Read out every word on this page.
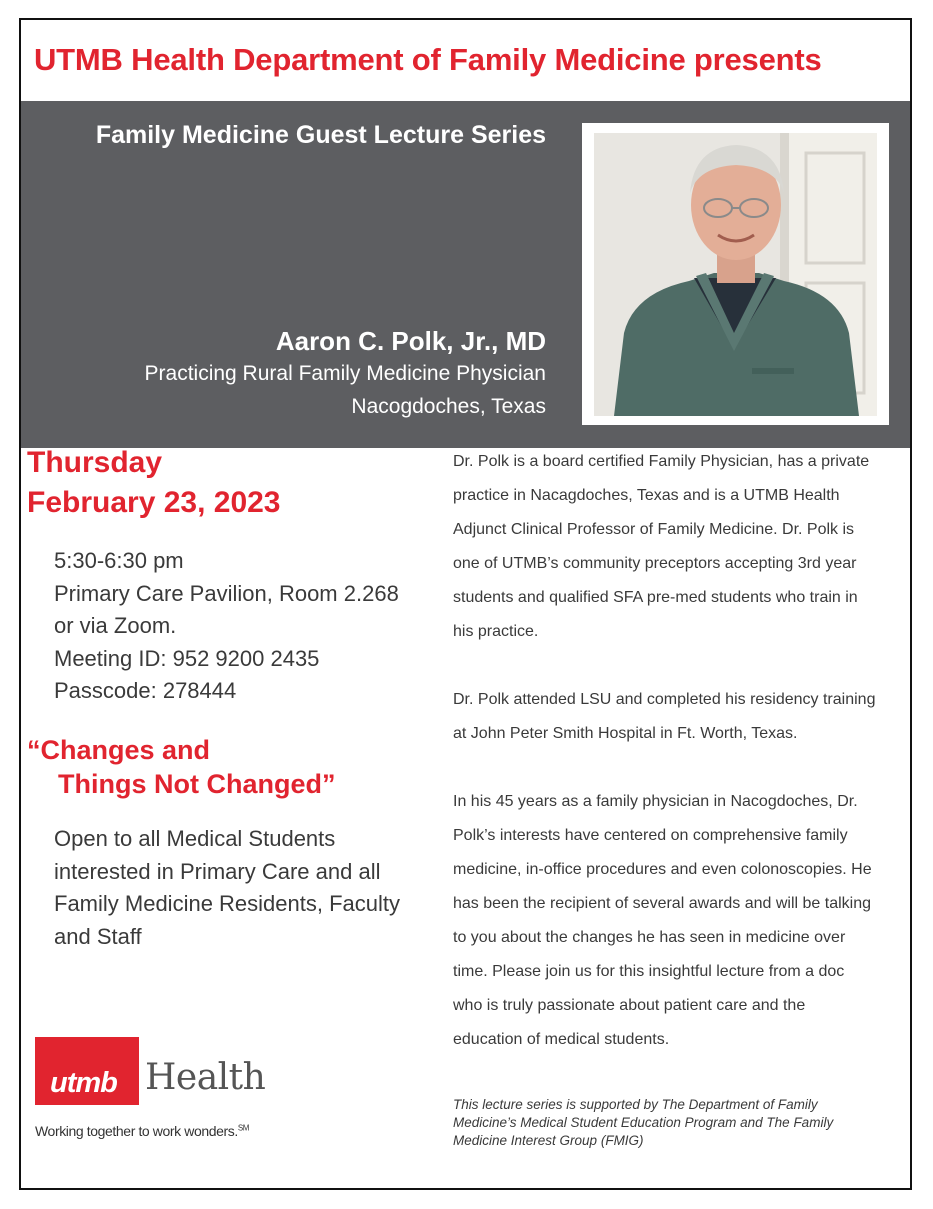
UTMB Health Department of Family Medicine presents
Family Medicine Guest Lecture Series
Aaron C. Polk, Jr., MD
Practicing Rural Family Medicine Physician
Nacogdoches, Texas
Thursday
February 23, 2023
5:30-6:30 pm
Primary Care Pavilion, Room 2.268
or via Zoom.
Meeting ID: 952 9200 2435
Passcode: 278444
“Changes and
Things Not Changed”
Open to all Medical Students interested in Primary Care and all Family Medicine Residents, Faculty and Staff

Dr. Polk is a board certified Family Physician, has a private practice in Nacagdoches, Texas and is a UTMB Health Adjunct Clinical Professor of Family Medicine. Dr. Polk is one of UTMB’s community preceptors accepting 3rd year students and qualified SFA pre-med students who train in his practice.

Dr. Polk attended LSU and completed his residency training at John Peter Smith Hospital in Ft. Worth, Texas.

In his 45 years as a family physician in Nacogdoches, Dr. Polk’s interests have centered on comprehensive family medicine, in-office procedures and even colonoscopies. He has been the recipient of several awards and will be talking to you about the changes he has seen in medicine over time. Please join us for this insightful lecture from a doc who is truly passionate about patient care and the education of medical students.

This lecture series is supported by The Department of Family Medicine’s Medical Student Education Program and The Family Medicine Interest Group (FMIG)
utmb Health
Working together to work wonders.℠
